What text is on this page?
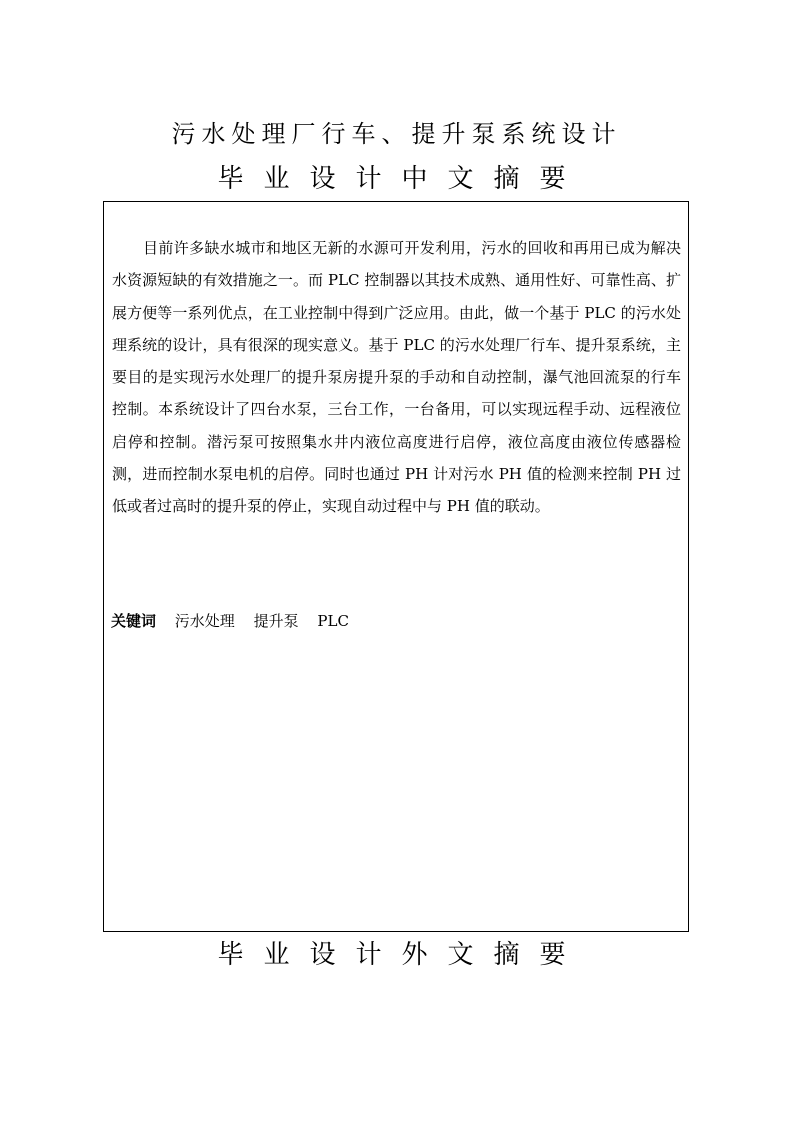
污水处理厂行车、提升泵系统设计
毕业设计中文摘要

目前许多缺水城市和地区无新的水源可开发利用，污水的回收和再用已成为解决水资源短缺的有效措施之一。而 PLC 控制器以其技术成熟、通用性好、可靠性高、扩展方便等一系列优点，在工业控制中得到广泛应用。由此，做一个基于 PLC 的污水处理系统的设计，具有很深的现实意义。基于 PLC 的污水处理厂行车、提升泵系统，主要目的是实现污水处理厂的提升泵房提升泵的手动和自动控制，瀑气池回流泵的行车控制。本系统设计了四台水泵，三台工作，一台备用，可以实现远程手动、远程液位启停和控制。潜污泵可按照集水井内液位高度进行启停，液位高度由液位传感器检测，进而控制水泵电机的启停。同时也通过 PH 计对污水 PH 值的检测来控制 PH 过低或者过高时的提升泵的停止，实现自动过程中与 PH 值的联动。

关键词 污水处理 提升泵 PLC
毕业设计外文摘要
